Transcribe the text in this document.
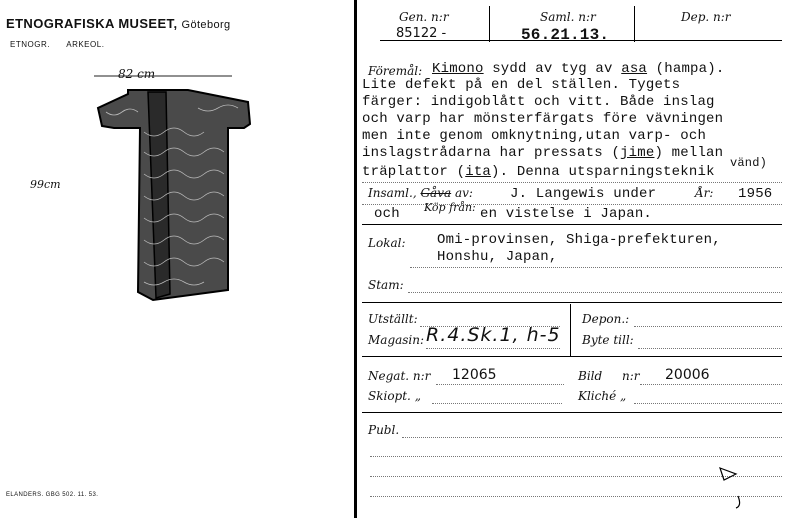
ETNOGRAFISKA MUSEET, Göteborg
ETNOGR. ARKEOL.
82 cm
99cm
ELANDERS. GBG 502. 11. 53.
Gen. n:r
85122 -
Saml. n:r
56.21.13.
Dep. n:r
Föremål: Kimono sydd av tyg av asa (hampa).
Lite defekt på en del ställen. Tygets
färger: indigoblått och vitt. Både inslag
och varp har mönsterfärgats före vävningen
men inte genom omknytning,utan varp- och
inslagstrådarna har pressats (jime) mellan
vänd)
träplattor (ita). Denna utsparningsteknik
Insaml., Gåva av:	J. Langewis under	År: 1956
och Köp från: en vistelse i Japan.
Lokal: Omi-provinsen, Shiga-prefekturen,
Honshu, Japan,
Stam:
Utställt:	Depon.:
Magasin: R.4.Sk.1, h-5 Byte till:
Negat. n:r 12065	Bild n:r 20006
Skiopt. „	Kliché „
Publ.
